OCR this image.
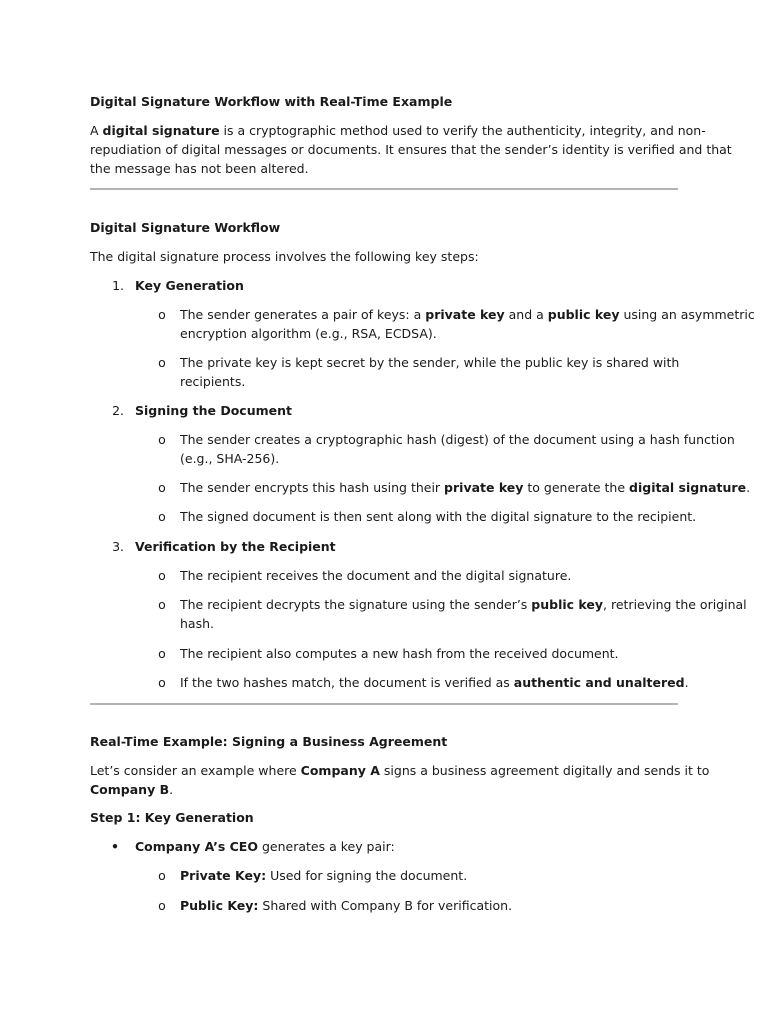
Digital Signature Workflow with Real-Time Example

A digital signature is a cryptographic method used to verify the authenticity, integrity, and non-

repudiation of digital messages or documents. It ensures that the sender’s identity is verified and that

the message has not been altered.

Digital Signature Workflow

The digital signature process involves the following key steps:

1. Key Generation
o The sender generates a pair of keys: a private key and a public key using an asymmetric

encryption algorithm (e.g., RSA, ECDSA).

o The private key is kept secret by the sender, while the public key is shared with

recipients.

2. Signing the Document
o The sender creates a cryptographic hash (digest) of the document using a hash function

(e.g., SHA-256).

o The sender encrypts this hash using their private key to generate the digital signature.

o The signed document is then sent along with the digital signature to the recipient.

3. Verification by the Recipient
o The recipient receives the document and the digital signature.

o The recipient decrypts the signature using the sender’s public key, retrieving the original

hash.

o The recipient also computes a new hash from the received document.

o If the two hashes match, the document is verified as authentic and unaltered.

Real-Time Example: Signing a Business Agreement

Let’s consider an example where Company A signs a business agreement digitally and sends it to

Company B.

Step 1: Key Generation

• Company A’s CEO generates a key pair:

o Private Key: Used for signing the document.

o Public Key: Shared with Company B for verification.
